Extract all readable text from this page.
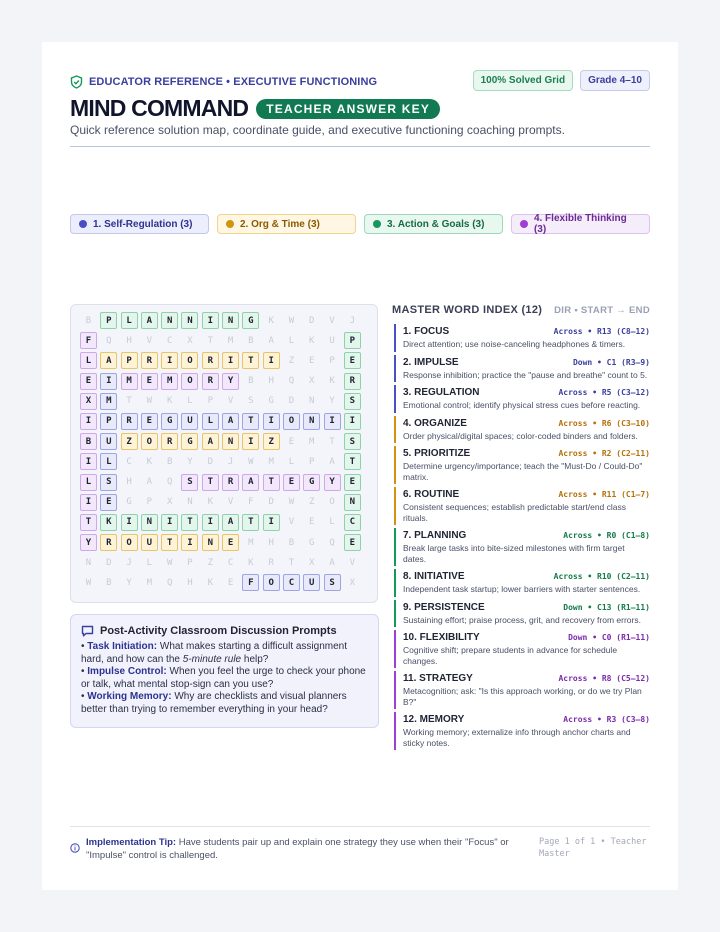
EDUCATOR REFERENCE • EXECUTIVE FUNCTIONING	100% Solved Grid	Grade 4–10
MIND COMMAND	TEACHER ANSWER KEY
Quick reference solution map, coordinate guide, and executive functioning coaching prompts.
1. Self-Regulation (3)	2. Org & Time (3)	3. Action & Goals (3)	4. Flexible Thinking (3)
B	P	L	A	N	N	I	N	G	K	W	D	V	J
F	Q	H	V	C	X	T	M	B	A	L	K	U	P
L	A	P	R	I	O	R	I	T	I	Z	E	P	E
E	I	M	E	M	O	R	Y	B	H	Q	X	K	R
X	M	T	W	K	L	P	V	S	G	D	N	Y	S
I	P	R	E	G	U	L	A	T	I	O	N	I	I
B	U	Z	O	R	G	A	N	I	Z	E	M	T	S
I	L	C	K	B	Y	D	J	W	M	L	P	A	T
L	S	H	A	Q	S	T	R	A	T	E	G	Y	E
I	E	G	P	X	N	K	V	F	D	W	Z	O	N
T	K	I	N	I	T	I	A	T	I	V	E	L	C
Y	R	O	U	T	I	N	E	M	H	B	G	Q	E
N	D	J	L	W	P	Z	C	K	R	T	X	A	V
W	B	Y	M	Q	H	K	E	F	O	C	U	S	X
Post-Activity Classroom Discussion Prompts

• Task Initiation: What makes starting a difficult assignment hard, and how can the 5-minute rule help?

• Impulse Control: When you feel the urge to check your phone or talk, what mental stop-sign can you use?

• Working Memory: Why are checklists and visual planners better than trying to remember everything in your head?

MASTER WORD INDEX (12) DIR • START → END
1. FOCUS	Across • R13 (C8–12)
Direct attention; use noise-canceling headphones & timers.
2. IMPULSE	Down • C1 (R3–9)
Response inhibition; practice the "pause and breathe" count to 5.
3. REGULATION	Across • R5 (C3–12)
Emotional control; identify physical stress cues before reacting.
4. ORGANIZE	Across • R6 (C3–10)
Order physical/digital spaces; color-coded binders and folders.
5. PRIORITIZE	Across • R2 (C2–11)
Determine urgency/importance; teach the "Must-Do / Could-Do" matrix.
6. ROUTINE	Across • R11 (C1–7)
Consistent sequences; establish predictable start/end class rituals.
7. PLANNING	Across • R0 (C1–8)
Break large tasks into bite-sized milestones with firm target dates.
8. INITIATIVE	Across • R10 (C2–11)
Independent task startup; lower barriers with starter sentences.
9. PERSISTENCE	Down • C13 (R1–11)
Sustaining effort; praise process, grit, and recovery from errors.
10. FLEXIBILITY	Down • C0 (R1–11)
Cognitive shift; prepare students in advance for schedule changes.
11. STRATEGY	Across • R8 (C5–12)
Metacognition; ask: "Is this approach working, or do we try Plan B?"
12. MEMORY	Across • R3 (C3–8)
Working memory; externalize info through anchor charts and sticky notes.
Implementation Tip: Have students pair up and explain one strategy they use when their "Focus" or "Impulse" control is challenged.
Page 1 of 1 • Teacher Master
